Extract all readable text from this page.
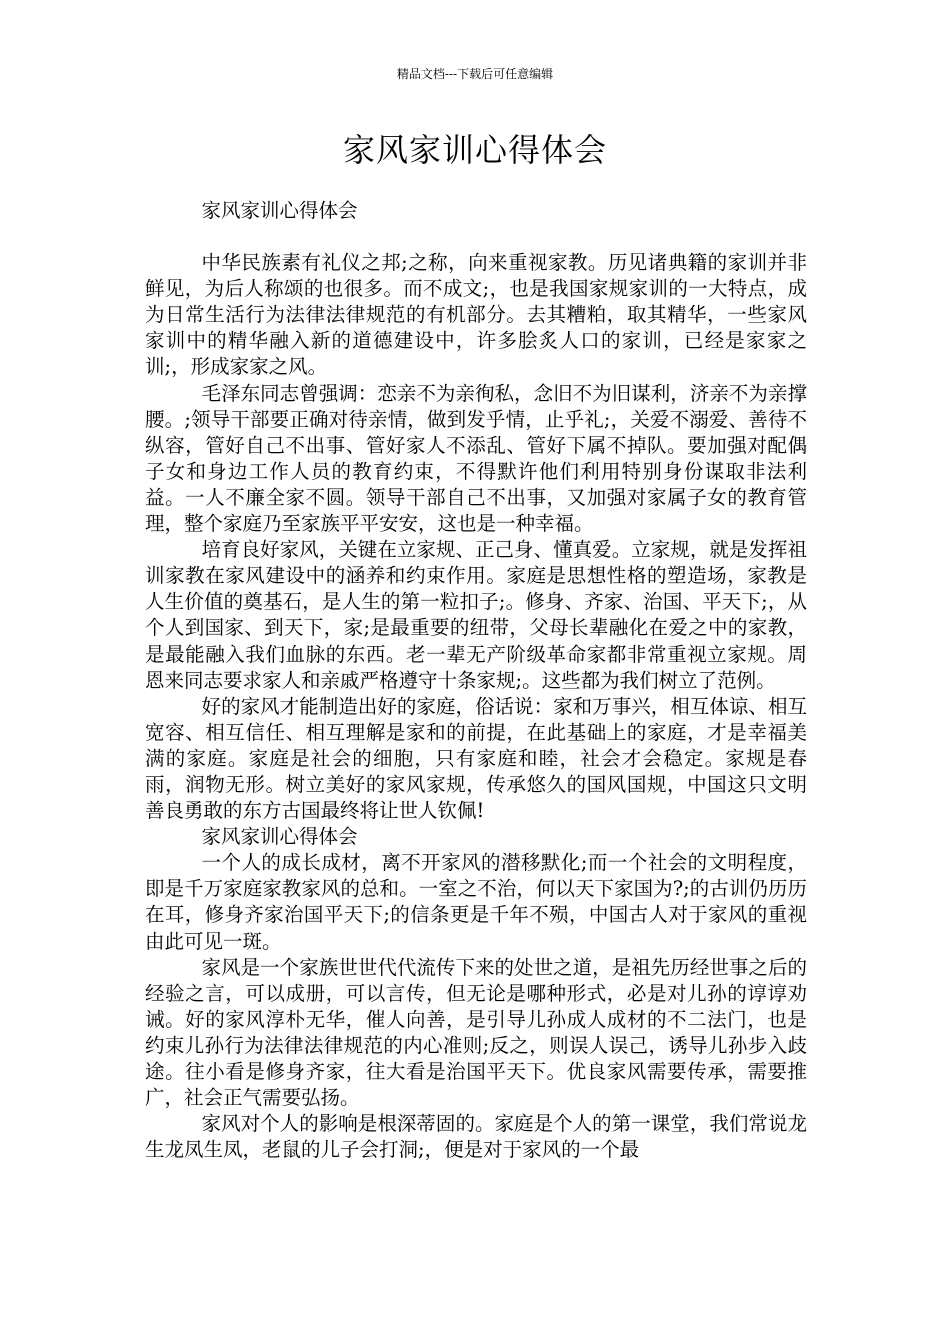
精品文档---下载后可任意编辑
家风家训心得体会

家风家训心得体会

中华民族素有礼仪之邦;之称，向来重视家教。历见诸典籍的家训并非鲜见，为后人称颂的也很多。而不成文;，也是我国家规家训的一大特点，成为日常生活行为法律法律规范的有机部分。去其糟粕，取其精华，一些家风家训中的精华融入新的道德建设中，许多脍炙人口的家训，已经是家家之训;，形成家家之风。

毛泽东同志曾强调：恋亲不为亲徇私，念旧不为旧谋利，济亲不为亲撑腰。;领导干部要正确对待亲情，做到发乎情，止乎礼;，关爱不溺爱、善待不纵容，管好自己不出事、管好家人不添乱、管好下属不掉队。要加强对配偶子女和身边工作人员的教育约束，不得默许他们利用特别身份谋取非法利益。一人不廉全家不圆。领导干部自己不出事，又加强对家属子女的教育管理，整个家庭乃至家族平平安安，这也是一种幸福。

培育良好家风，关键在立家规、正己身、懂真爱。立家规，就是发挥祖训家教在家风建设中的涵养和约束作用。家庭是思想性格的塑造场，家教是人生价值的奠基石，是人生的第一粒扣子;。修身、齐家、治国、平天下;，从个人到国家、到天下，家;是最重要的纽带，父母长辈融化在爱之中的家教，是最能融入我们血脉的东西。老一辈无产阶级革命家都非常重视立家规。周恩来同志要求家人和亲戚严格遵守十条家规;。这些都为我们树立了范例。

好的家风才能制造出好的家庭，俗话说：家和万事兴，相互体谅、相互宽容、相互信任、相互理解是家和的前提，在此基础上的家庭，才是幸福美满的家庭。家庭是社会的细胞，只有家庭和睦，社会才会稳定。家规是春雨，润物无形。树立美好的家风家规，传承悠久的国风国规，中国这只文明善良勇敢的东方古国最终将让世人钦佩!

家风家训心得体会

一个人的成长成材，离不开家风的潜移默化;而一个社会的文明程度，即是千万家庭家教家风的总和。一室之不治，何以天下家国为?;的古训仍历历在耳，修身齐家治国平天下;的信条更是千年不殒，中国古人对于家风的重视由此可见一斑。

家风是一个家族世世代代流传下来的处世之道，是祖先历经世事之后的经验之言，可以成册，可以言传，但无论是哪种形式，必是对儿孙的谆谆劝诫。好的家风淳朴无华，催人向善，是引导儿孙成人成材的不二法门，也是约束儿孙行为法律法律规范的内心准则;反之，则误人误己，诱导儿孙步入歧途。往小看是修身齐家，往大看是治国平天下。优良家风需要传承，需要推广，社会正气需要弘扬。

家风对个人的影响是根深蒂固的。家庭是个人的第一课堂，我们常说龙生龙凤生凤，老鼠的儿子会打洞;，便是对于家风的一个最
